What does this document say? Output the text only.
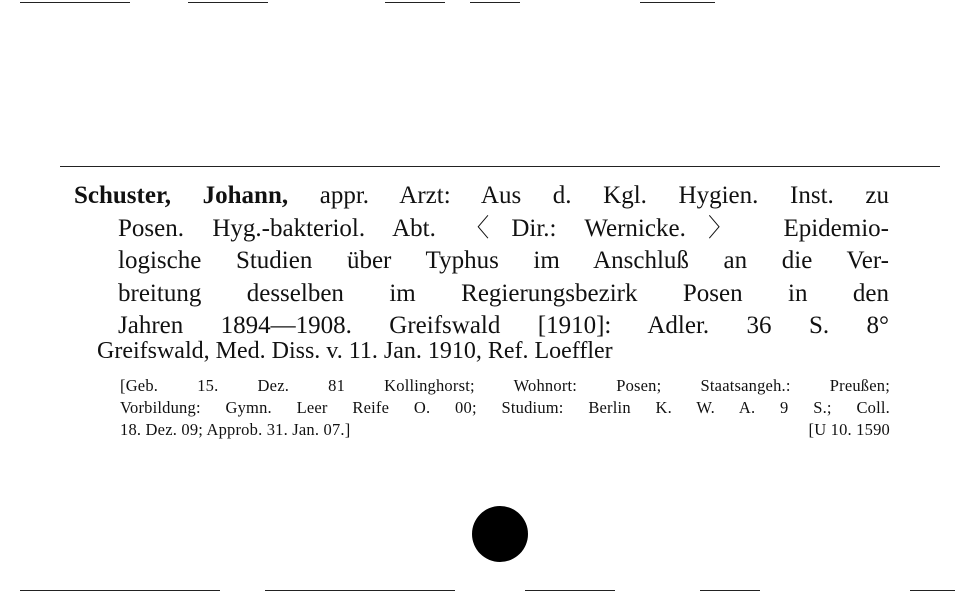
Schuster, Johann, appr. Arzt: Aus d. Kgl. Hygien. Inst. zu
Posen. Hyg.-bakteriol. Abt. 〈Dir.: Wernicke.〉 Epidemio-
logische Studien über Typhus im Anschluß an die Ver-
breitung desselben im Regierungsbezirk Posen in den
Jahren 1894—1908. Greifswald [1910]: Adler. 36 S. 8°
Greifswald, Med. Diss. v. 11. Jan. 1910, Ref. Loeffler
[Geb. 15. Dez. 81 Kollinghorst; Wohnort: Posen; Staatsangeh.: Preußen;
Vorbildung: Gymn. Leer Reife O. 00; Studium: Berlin K. W. A. 9 S.; Coll.
18. Dez. 09; Approb. 31. Jan. 07.]	[U 10. 1590
